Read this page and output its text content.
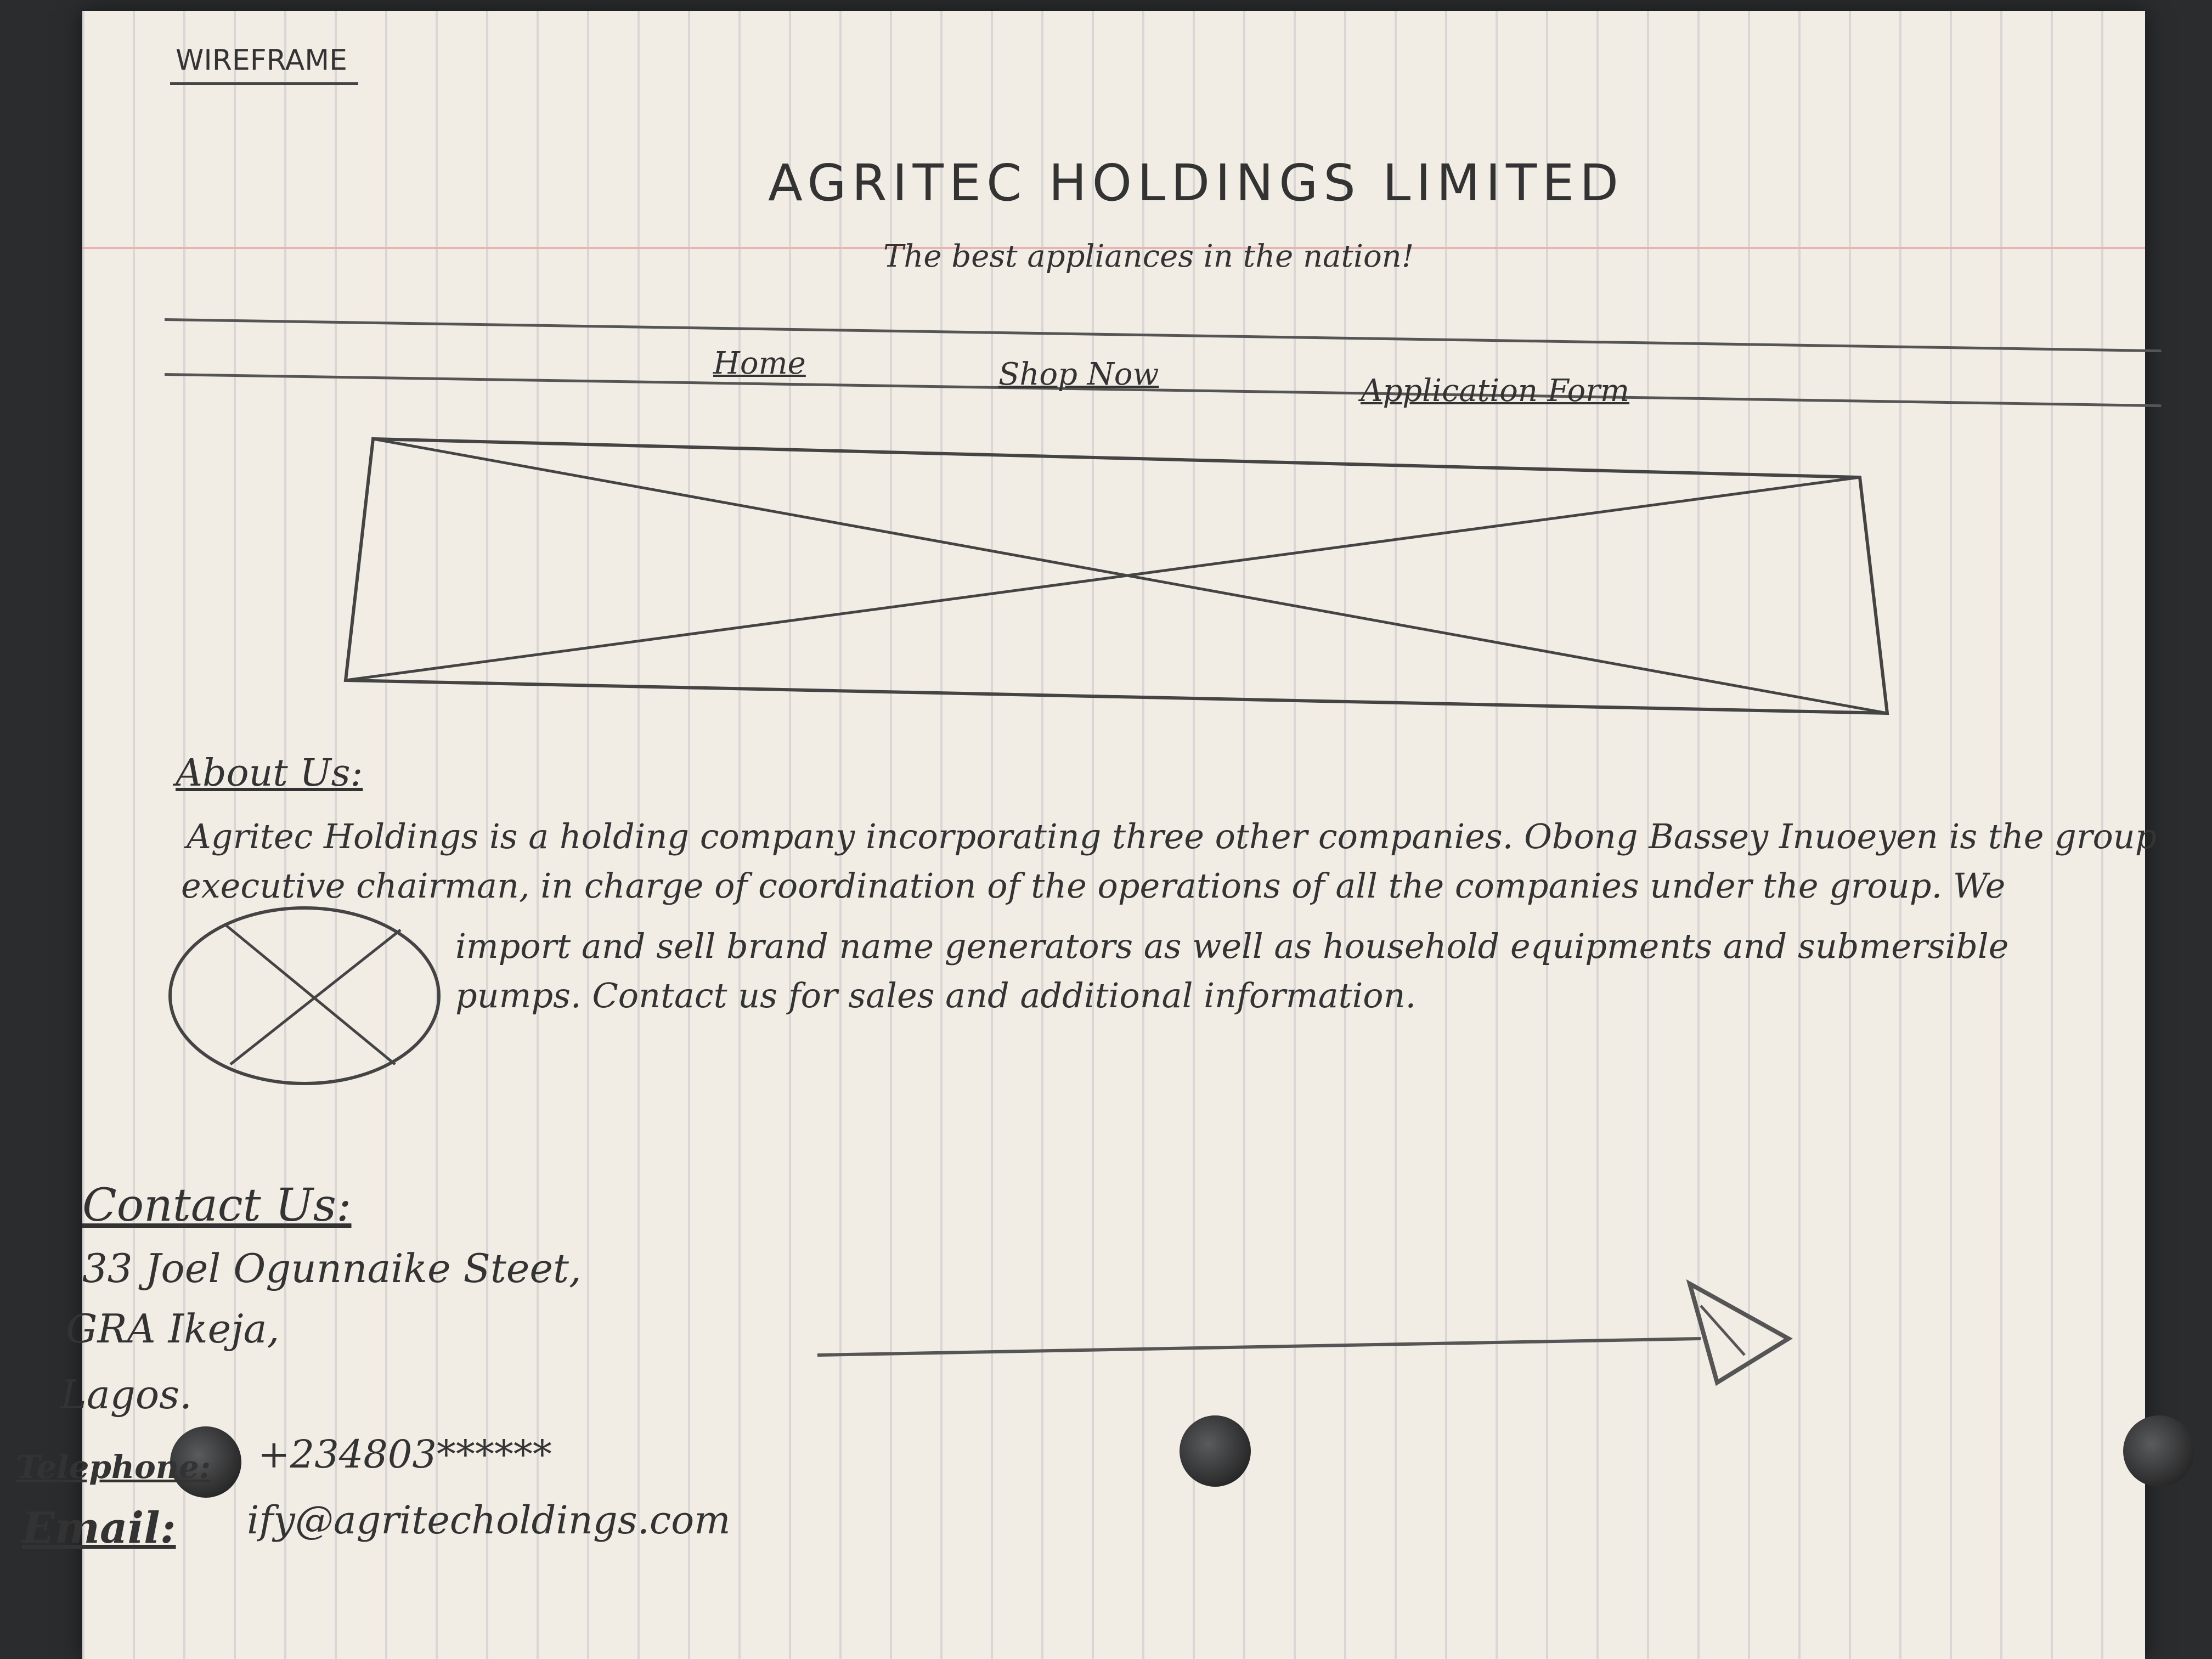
WIREFRAME
AGRITEC HOLDINGS LIMITED
The best appliances in the nation!
Home	Shop Now	Application Form
About Us:
Agritec Holdings is a holding company incorporating three other companies. Obong Bassey Inuoeyen is the group
executive chairman, in charge of coordination of the operations of all the companies under the group. We
import and sell brand name generators as well as household equipments and submersible
pumps. Contact us for sales and additional information.
Contact Us:
33 Joel Ogunnaike Steet,
GRA Ikeja,
Lagos.
Telephone: +234803******
Email: ify@agritecholdings.com
